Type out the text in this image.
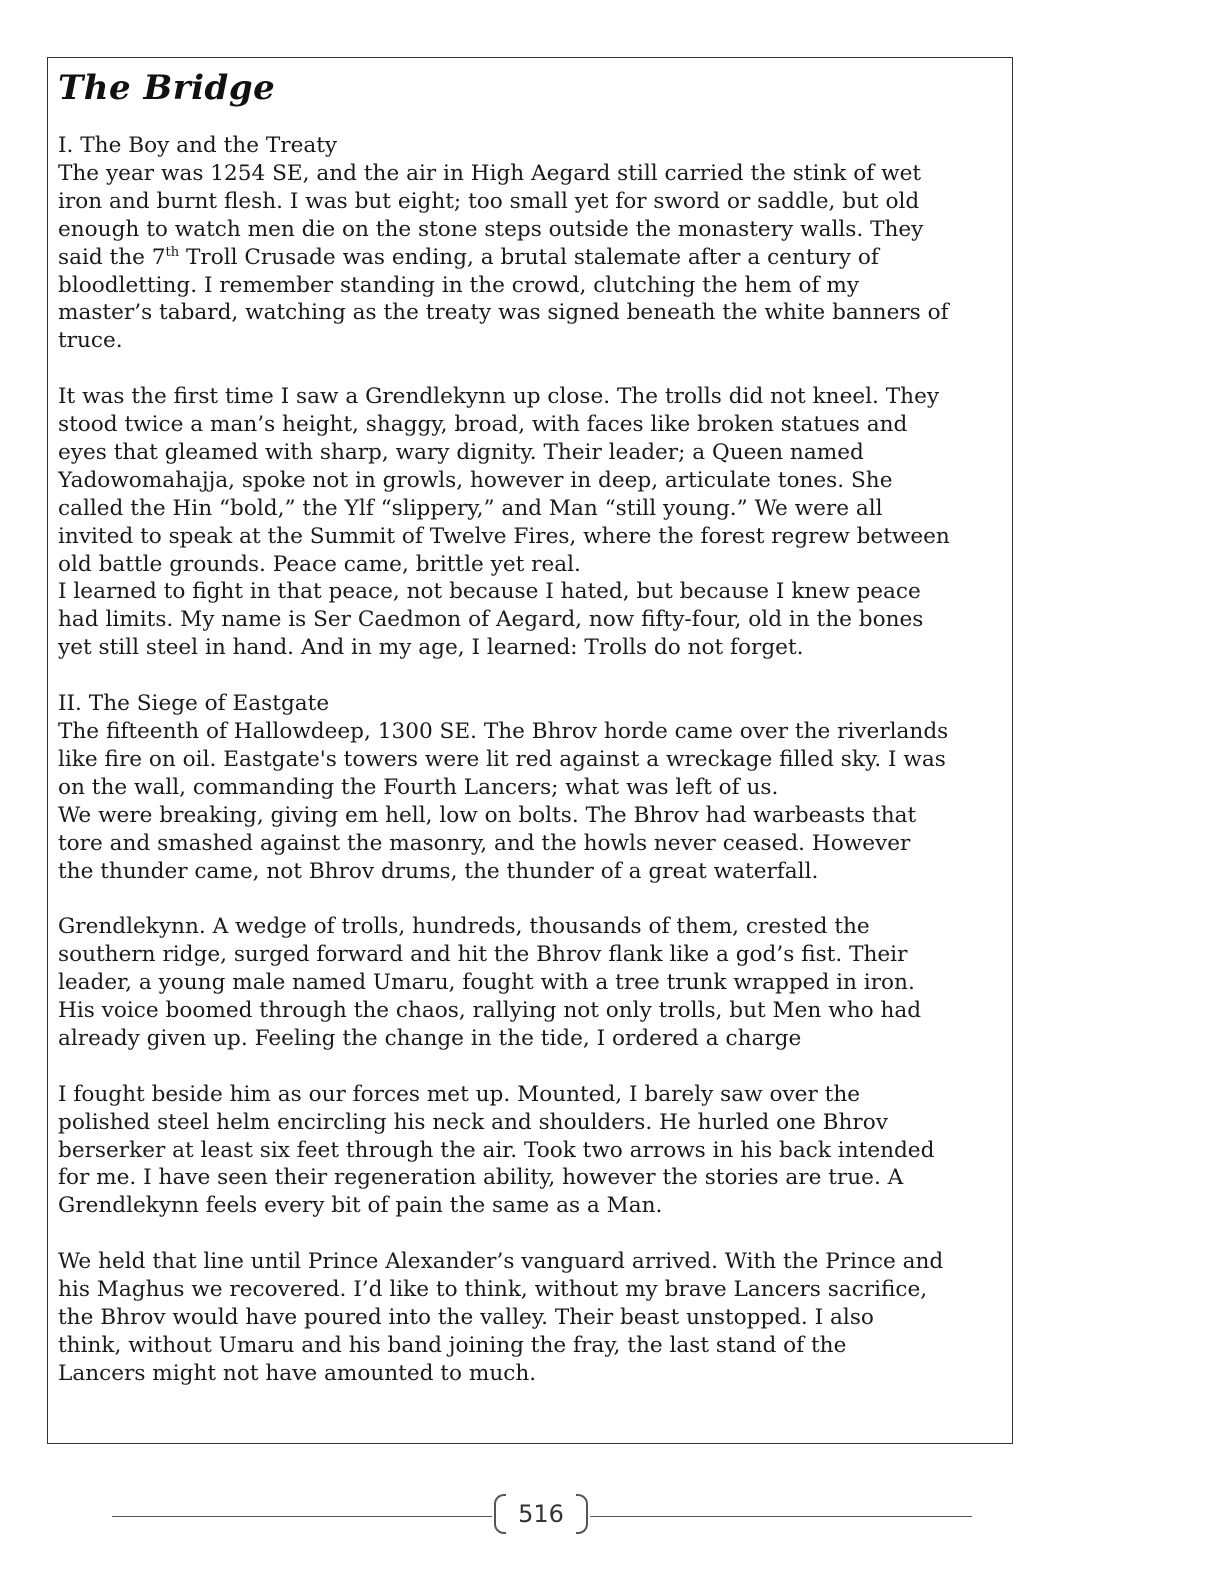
The Bridge
I. The Boy and the Treaty
The year was 1254 SE, and the air in High Aegard still carried the stink of wet
iron and burnt flesh. I was but eight; too small yet for sword or saddle, but old
enough to watch men die on the stone steps outside the monastery walls. They
said the 7th Troll Crusade was ending, a brutal stalemate after a century of
bloodletting. I remember standing in the crowd, clutching the hem of my
master’s tabard, watching as the treaty was signed beneath the white banners of
truce.
It was the first time I saw a Grendlekynn up close. The trolls did not kneel. They
stood twice a man’s height, shaggy, broad, with faces like broken statues and
eyes that gleamed with sharp, wary dignity. Their leader; a Queen named
Yadowomahajja, spoke not in growls, however in deep, articulate tones. She
called the Hin “bold,” the Ylf “slippery,” and Man “still young.” We were all
invited to speak at the Summit of Twelve Fires, where the forest regrew between
old battle grounds. Peace came, brittle yet real.
I learned to fight in that peace, not because I hated, but because I knew peace
had limits. My name is Ser Caedmon of Aegard, now fifty-four, old in the bones
yet still steel in hand. And in my age, I learned: Trolls do not forget.
II. The Siege of Eastgate
The fifteenth of Hallowdeep, 1300 SE. The Bhrov horde came over the riverlands
like fire on oil. Eastgate's towers were lit red against a wreckage filled sky. I was
on the wall, commanding the Fourth Lancers; what was left of us.
We were breaking, giving em hell, low on bolts. The Bhrov had warbeasts that
tore and smashed against the masonry, and the howls never ceased. However
the thunder came, not Bhrov drums, the thunder of a great waterfall.
Grendlekynn. A wedge of trolls, hundreds, thousands of them, crested the
southern ridge, surged forward and hit the Bhrov flank like a god’s fist. Their
leader, a young male named Umaru, fought with a tree trunk wrapped in iron.
His voice boomed through the chaos, rallying not only trolls, but Men who had
already given up. Feeling the change in the tide, I ordered a charge
I fought beside him as our forces met up. Mounted, I barely saw over the
polished steel helm encircling his neck and shoulders. He hurled one Bhrov
berserker at least six feet through the air. Took two arrows in his back intended
for me. I have seen their regeneration ability, however the stories are true. A
Grendlekynn feels every bit of pain the same as a Man.
We held that line until Prince Alexander’s vanguard arrived. With the Prince and
his Maghus we recovered. I’d like to think, without my brave Lancers sacrifice,
the Bhrov would have poured into the valley. Their beast unstopped. I also
think, without Umaru and his band joining the fray, the last stand of the
Lancers might not have amounted to much.
516
